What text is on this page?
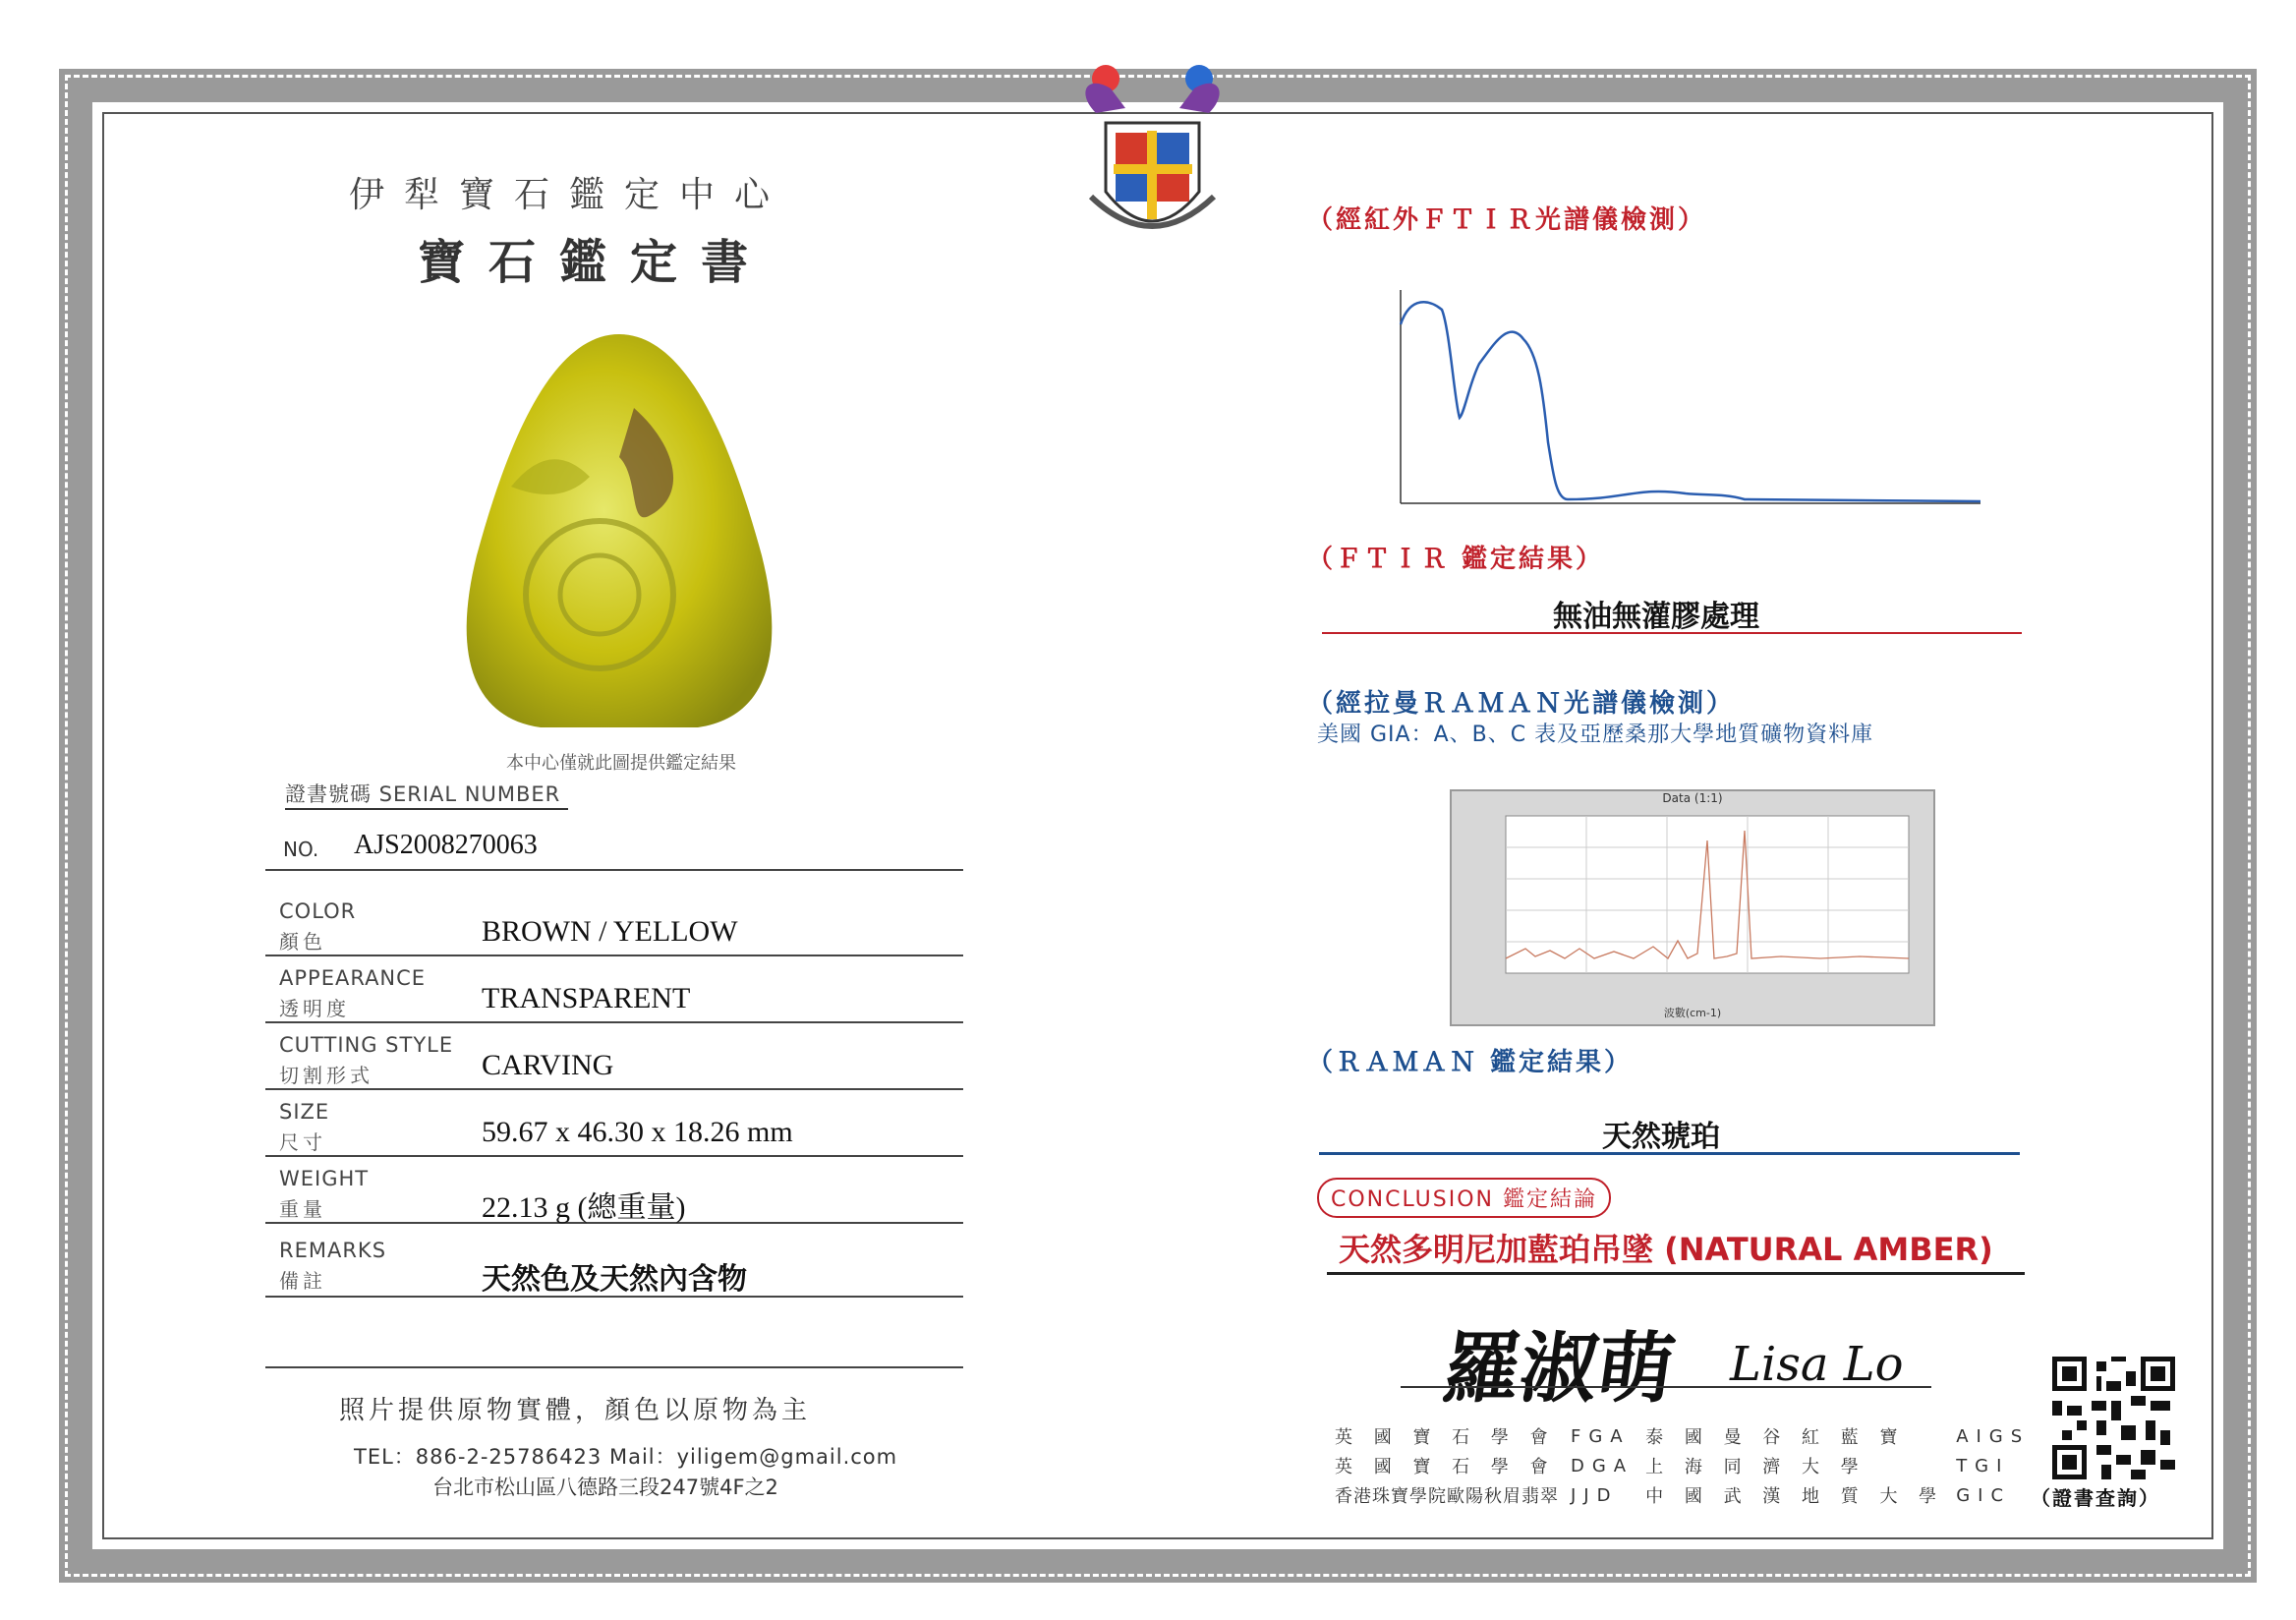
伊犁寶石鑑定中心
寶石鑑定書
本中心僅就此圖提供鑑定結果
證書號碼 SERIAL NUMBER
NO. AJS2008270063
COLOR
顏色	BROWN / YELLOW
APPEARANCE
透明度	TRANSPARENT
CUTTING STYLE
切割形式	CARVING
SIZE
尺寸	59.67 x 46.30 x 18.26 mm
WEIGHT
重量	22.13 g (總重量)
REMARKS
備註	天然色及天然內含物
照片提供原物實體，顏色以原物為主
TEL：886-2-25786423 Mail：yiligem@gmail.com
台北市松山區八德路三段247號4F之2
（經紅外ＦＴＩＲ光譜儀檢測）
（ＦＴＩＲ 鑑定結果）
無油無灌膠處理
（經拉曼ＲＡＭＡＮ光譜儀檢測）
美國 GIA：A、B、C 表及亞歷桑那大學地質礦物資料庫
Data (1:1)
波數(cm-1)
（ＲＡＭＡＮ 鑑定結果）
天然琥珀
CONCLUSION 鑑定結論
天然多明尼加藍珀吊墜 (NATURAL AMBER)
羅淑萌 Lisa Lo
英 國 寶 石 學 會	FGA	泰 國 曼 谷 紅 藍 寶	AIGS
英 國 寶 石 學 會	DGA	上 海 同 濟 大 學	TGI
香港珠寶學院歐陽秋眉翡翠	JJD	中 國 武 漢 地 質 大 學	GIC （證書查詢）
